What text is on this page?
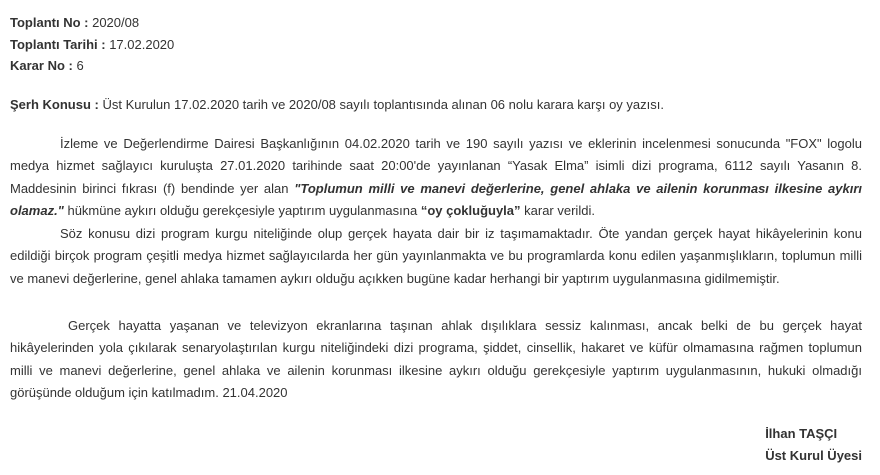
Toplantı No : 2020/08
Toplantı Tarihi : 17.02.2020
Karar No : 6
Şerh Konusu : Üst Kurulun 17.02.2020 tarih ve 2020/08 sayılı toplantısında alınan 06 nolu karara karşı oy yazısı.
İzleme ve Değerlendirme Dairesi Başkanlığının 04.02.2020 tarih ve 190 sayılı yazısı ve eklerinin incelenmesi sonucunda "FOX" logolu medya hizmet sağlayıcı kuruluşta 27.01.2020 tarihinde saat 20:00'de yayınlanan “Yasak Elma” isimli dizi programa, 6112 sayılı Yasanın 8. Maddesinin birinci fıkrası (f) bendinde yer alan "Toplumun milli ve manevi değerlerine, genel ahlaka ve ailenin korunması ilkesine aykırı olamaz." hükmüne aykırı olduğu gerekçesiyle yaptırım uygulanmasına “oy çokluğuyla” karar verildi.
Söz konusu dizi program kurgu niteliğinde olup gerçek hayata dair bir iz taşımamaktadır. Öte yandan gerçek hayat hikâyelerinin konu edildiği birçok program çeşitli medya hizmet sağlayıcılarda her gün yayınlanmakta ve bu programlarda konu edilen yaşanmışlıkların, toplumun milli ve manevi değerlerine, genel ahlaka tamamen aykırı olduğu açıkken bugüne kadar herhangi bir yaptırım uygulanmasına gidilmemiştir.
Gerçek hayatta yaşanan ve televizyon ekranlarına taşınan ahlak dışılıklara sessiz kalınması, ancak belki de bu gerçek hayat hikâyelerinden yola çıkılarak senaryolaştırılan kurgu niteliğindeki dizi programa, şiddet, cinsellik, hakaret ve küfür olmamasına rağmen toplumun milli ve manevi değerlerine, genel ahlaka ve ailenin korunması ilkesine aykırı olduğu gerekçesiyle yaptırım uygulanmasının, hukuki olmadığı görüşünde olduğum için katılmadım. 21.04.2020
İlhan TAŞÇI
Üst Kurul Üyesi
